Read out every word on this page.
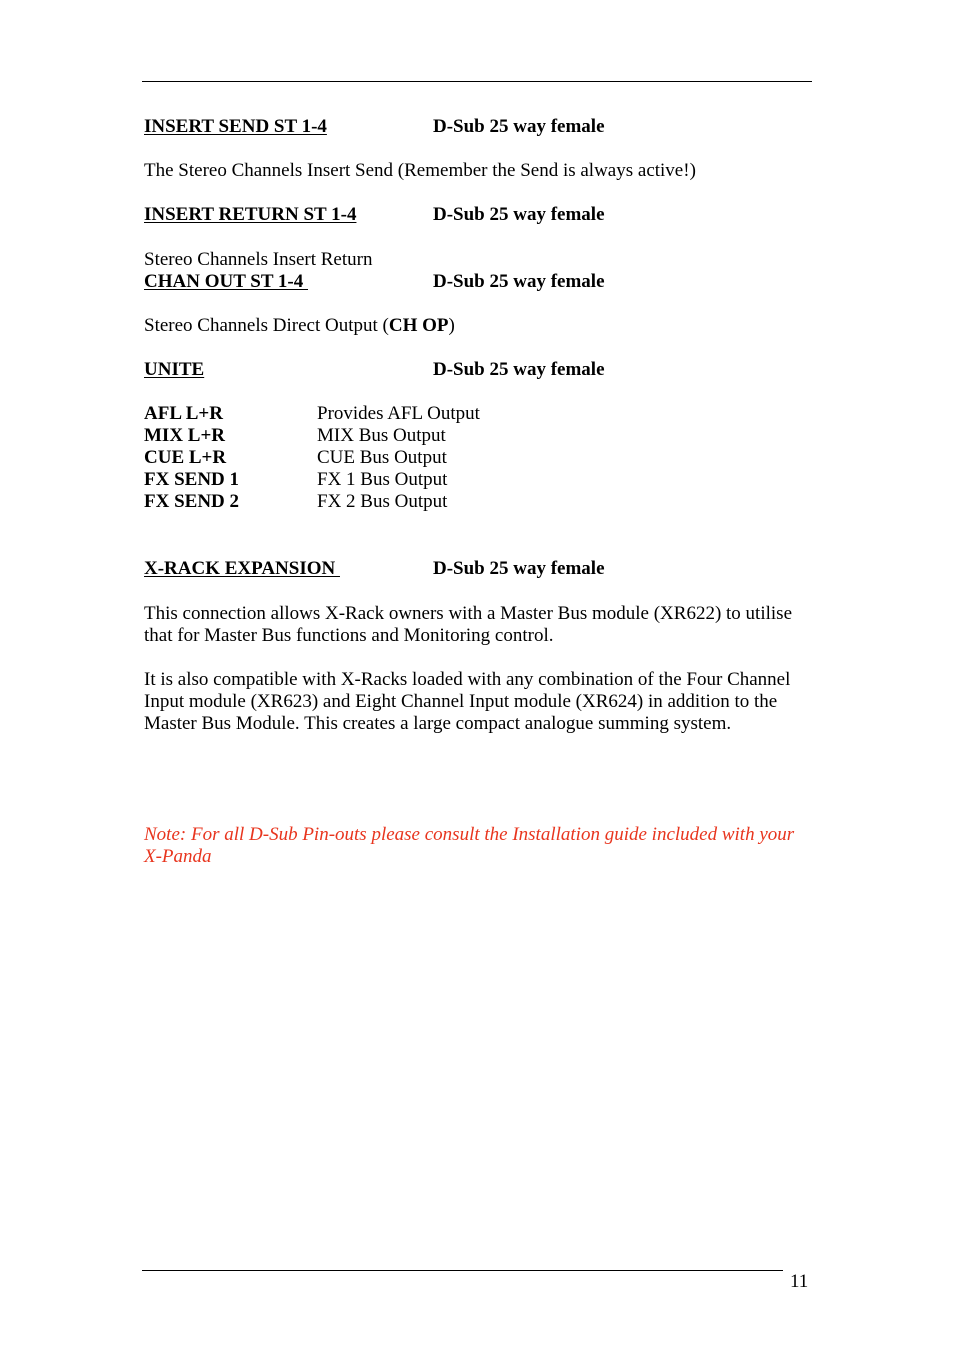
INSERT SEND ST 1-4	D-Sub 25 way female
The Stereo Channels Insert Send (Remember the Send is always active!)
INSERT RETURN ST 1-4	D-Sub 25 way female
Stereo Channels Insert Return
CHAN OUT ST 1-4	D-Sub 25 way female
Stereo Channels Direct Output (CH OP)
UNITE	D-Sub 25 way female
AFL L+R	Provides AFL Output
MIX L+R	MIX Bus Output
CUE L+R	CUE Bus Output
FX SEND 1	FX 1 Bus Output
FX SEND 2	FX 2 Bus Output
X-RACK EXPANSION	D-Sub 25 way female
This connection allows X-Rack owners with a Master Bus module (XR622) to utilise
that for Master Bus functions and Monitoring control.
It is also compatible with X-Racks loaded with any combination of the Four Channel
Input module (XR623) and Eight Channel Input module (XR624) in addition to the
Master Bus Module. This creates a large compact analogue summing system.
Note: For all D-Sub Pin-outs please consult the Installation guide included with your
X-Panda
11
